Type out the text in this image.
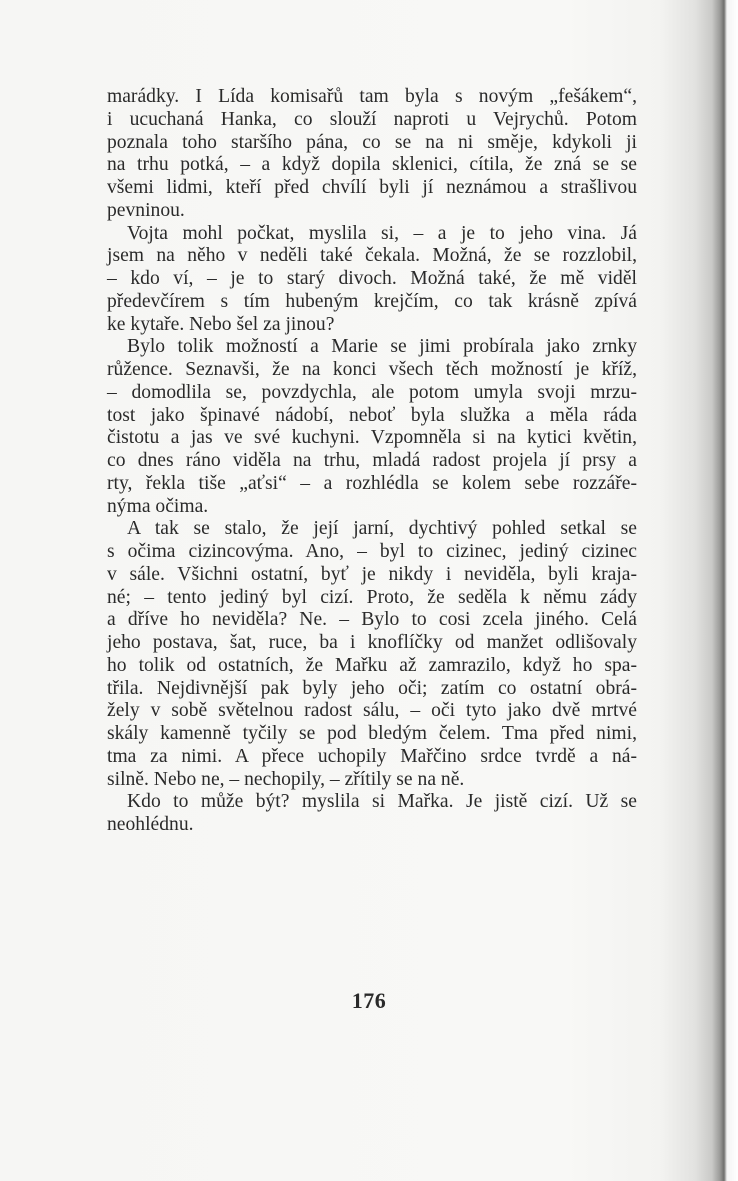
marádky. I Lída komisařů tam byla s novým „fešákem“,
i ucuchaná Hanka, co slouží naproti u Vejrychů. Potom
poznala toho staršího pána, co se na ni směje, kdykoli ji
na trhu potká, – a když dopila sklenici, cítila, že zná se se
všemi lidmi, kteří před chvílí byli jí neznámou a strašlivou
pevninou.
Vojta mohl počkat, myslila si, – a je to jeho vina. Já
jsem na něho v neděli také čekala. Možná, že se rozzlobil,
– kdo ví, – je to starý divoch. Možná také, že mě viděl
předevčírem s tím hubeným krejčím, co tak krásně zpívá
ke kytaře. Nebo šel za jinou?
Bylo tolik možností a Marie se jimi probírala jako zrnky
růžence. Seznavši, že na konci všech těch možností je kříž,
– domodlila se, povzdychla, ale potom umyla svoji mrzu-
tost jako špinavé nádobí, neboť byla služka a měla ráda
čistotu a jas ve své kuchyni. Vzpomněla si na kytici květin,
co dnes ráno viděla na trhu, mladá radost projela jí prsy a
rty, řekla tiše „aťsi“ – a rozhlédla se kolem sebe rozzáře-
nýma očima.
A tak se stalo, že její jarní, dychtivý pohled setkal se
s očima cizincovýma. Ano, – byl to cizinec, jediný cizinec
v sále. Všichni ostatní, byť je nikdy i neviděla, byli kraja-
né; – tento jediný byl cizí. Proto, že seděla k němu zády
a dříve ho neviděla? Ne. – Bylo to cosi zcela jiného. Celá
jeho postava, šat, ruce, ba i knoflíčky od manžet odlišovaly
ho tolik od ostatních, že Mařku až zamrazilo, když ho spa-
třila. Nejdivnější pak byly jeho oči; zatím co ostatní obrá-
žely v sobě světelnou radost sálu, – oči tyto jako dvě mrtvé
skály kamenně tyčily se pod bledým čelem. Tma před nimi,
tma za nimi. A přece uchopily Mařčino srdce tvrdě a ná-
silně. Nebo ne, – nechopily, – zřítily se na ně.
Kdo to může být? myslila si Mařka. Je jistě cizí. Už se
neohlédnu.
176
